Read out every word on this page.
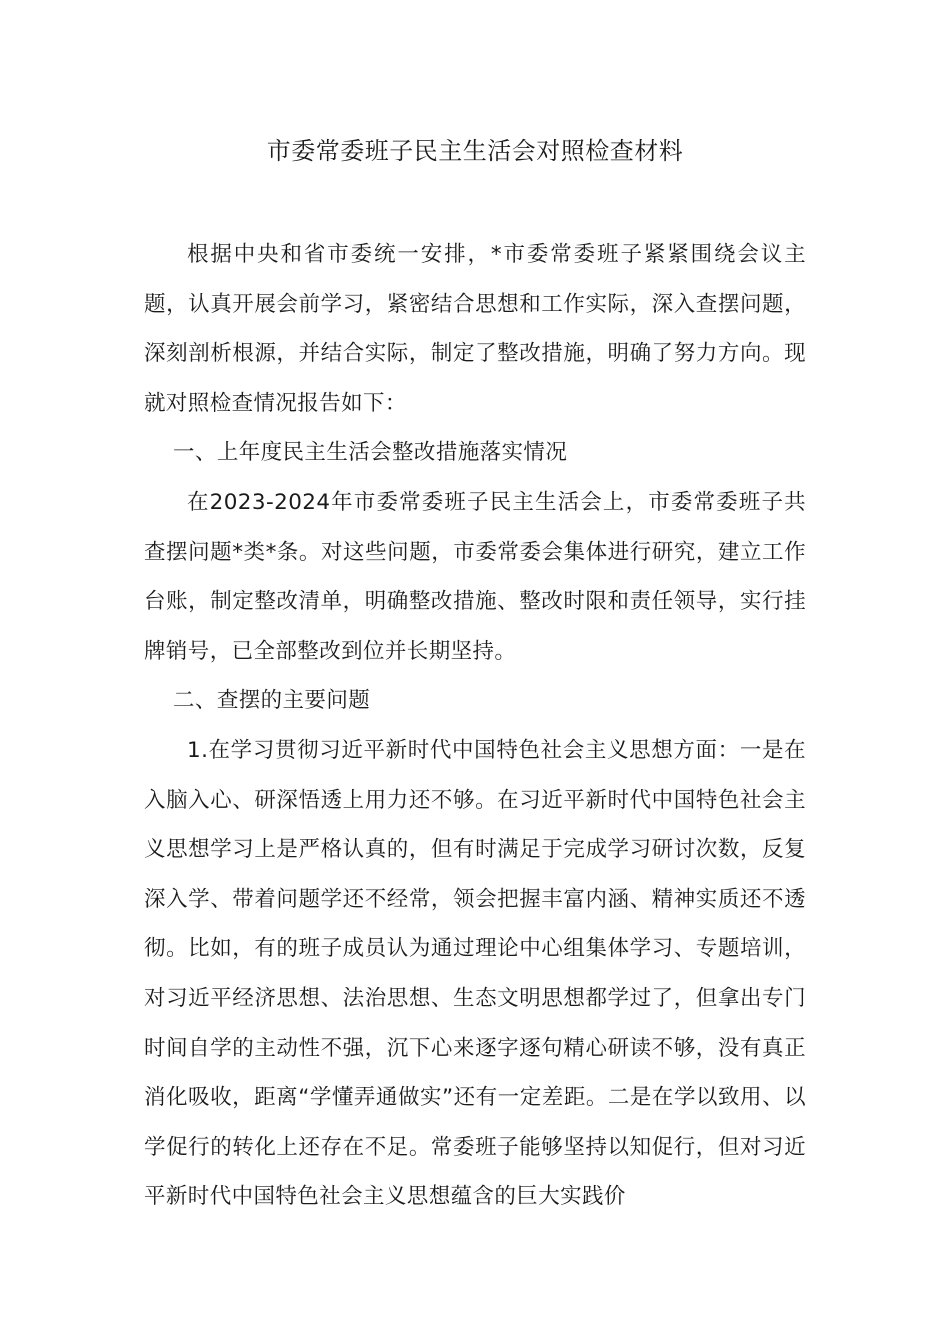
市委常委班子民主生活会对照检查材料

根据中央和省市委统一安排，*市委常委班子紧紧围绕会议主题，认真开展会前学习，紧密结合思想和工作实际，深入查摆问题，深刻剖析根源，并结合实际，制定了整改措施，明确了努力方向。现就对照检查情况报告如下：

一、上年度民主生活会整改措施落实情况

在2023-2024年市委常委班子民主生活会上，市委常委班子共查摆问题*类*条。对这些问题，市委常委会集体进行研究，建立工作台账，制定整改清单，明确整改措施、整改时限和责任领导，实行挂牌销号，已全部整改到位并长期坚持。

二、查摆的主要问题

1.在学习贯彻习近平新时代中国特色社会主义思想方面：一是在入脑入心、研深悟透上用力还不够。在习近平新时代中国特色社会主义思想学习上是严格认真的，但有时满足于完成学习研讨次数，反复深入学、带着问题学还不经常，领会把握丰富内涵、精神实质还不透彻。比如，有的班子成员认为通过理论中心组集体学习、专题培训，对习近平经济思想、法治思想、生态文明思想都学过了，但拿出专门时间自学的主动性不强，沉下心来逐字逐句精心研读不够，没有真正消化吸收，距离“学懂弄通做实”还有一定差距。二是在学以致用、以学促行的转化上还存在不足。常委班子能够坚持以知促行，但对习近平新时代中国特色社会主义思想蕴含的巨大实践价
